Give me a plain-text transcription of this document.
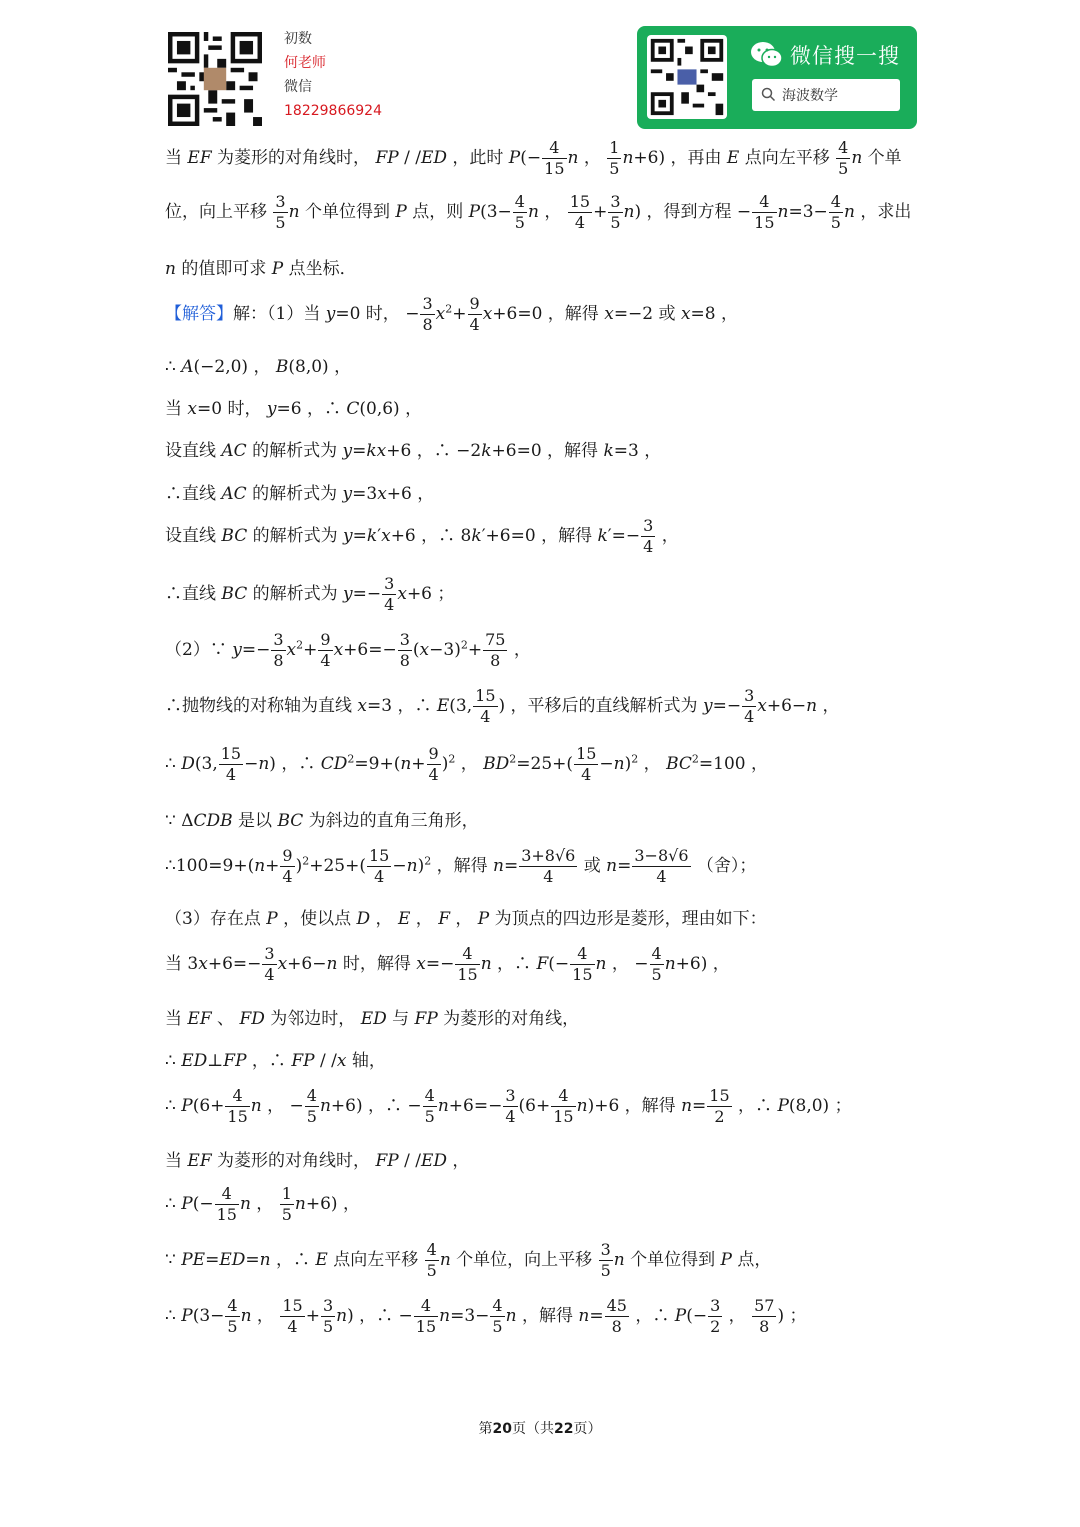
初数
何老师
微信
18229866924
微信搜一搜
海波数学
当 EF 为菱形的对角线时， FP / /ED ，此时 $P(- \frac{4}{15}$ n ， $\frac{1}{5} n+6$) ，再由 E 点向左平移 $\frac{4}{5}$ n 个单
位，向上平移 $\frac{3}{5}$ n 个单位得到 P 点，则 $P(3- \frac{4}{5}$ n ， $\frac{15}{4} + \frac{3}{5} n$) ，得到方程 − $\frac{4}{15} n=3- \frac{4}{5}$ n ，求出
n 的值即可求 P 点坐标．
【解答】解：（1）当 y=0 时， − $\frac{3}{8} x^2+ \frac{9}{4} x+6=0$ ，解得 x=−2 或 x=8 ，
∴ A(−2,0) ， B(8,0) ，
当 x=0 时， y=6 ，∴ C(0,6) ，
设直线 AC 的解析式为 y=kx+6 ，∴ −2k+6=0 ，解得 k=3 ，
∴直线 AC 的解析式为 y=3x+6 ，
设直线 BC 的解析式为 y=k′x+6 ，∴ 8k′+6=0 ，解得 $k'=- \frac{3}{4}$ ，
∴直线 BC 的解析式为 $y=- \frac{3}{4} x+6$ ；
（2）∵ $y=- \frac{3}{8} x^2+ \frac{9}{4} x+6=- \frac{3}{8} (x-3)^2+ \frac{75}{8}$ ，
∴抛物线的对称轴为直线 x=3 ，∴ E(3, $\frac{15}{4}$ ) ，平移后的直线解析式为 $y=- \frac{3}{4} x+6-n$ ，
∴ D(3, $\frac{15}{4} -n$) ，∴ $CD^2=9+(n+ \frac{9}{4} )^2$ ， $BD^2=25+( \frac{15}{4} -n)^2$ ， $BC^2=100$ ，
∵ ΔCDB 是以 BC 为斜边的直角三角形，
∴100=9+(n+ $\frac{9}{4} )^2+25+( \frac{15}{4} -n)^2$ ，解得 $n= \frac{3+8√6}{4}$ 或 $n= \frac{3-8√6}{4}$ （舍）；
（3）存在点 P ，使以点 D ， E ， F ， P 为顶点的四边形是菱形，理由如下：
当 $3x+6=- \frac{3}{4} x+6-n$ 时，解得 $x=- \frac{4}{15}$ n ，∴ $F(- \frac{4}{15}$ n ， − $\frac{4}{5} n+6$) ，
当 EF 、 FD 为邻边时， ED 与 FP 为菱形的对角线，
∴ ED⊥FP ，∴ FP / /x 轴，
∴ $P(6+ \frac{4}{15}$ n ， − $\frac{4}{5} n+6$) ，∴ − $\frac{4}{5} n+6=- \frac{3}{4} (6+ \frac{4}{15} n)+6$ ，解得 $n= \frac{15}{2}$ ，∴ P(8,0) ；
当 EF 为菱形的对角线时， FP / /ED ，
∴ $P(- \frac{4}{15}$ n ， $\frac{1}{5} n+6$) ，
∵ PE=ED=n ，∴ E 点向左平移 $\frac{4}{5}$ n 个单位，向上平移 $\frac{3}{5}$ n 个单位得到 P 点，
∴ $P(3- \frac{4}{5}$ n ， $\frac{15}{4} + \frac{3}{5} n$) ，∴ − $\frac{4}{15} n=3- \frac{4}{5}$ n ，解得 $n= \frac{45}{8}$ ，∴ $P(- \frac{3}{2}$ ， $\frac{57}{8}$ ) ；
第20页（共22页）
